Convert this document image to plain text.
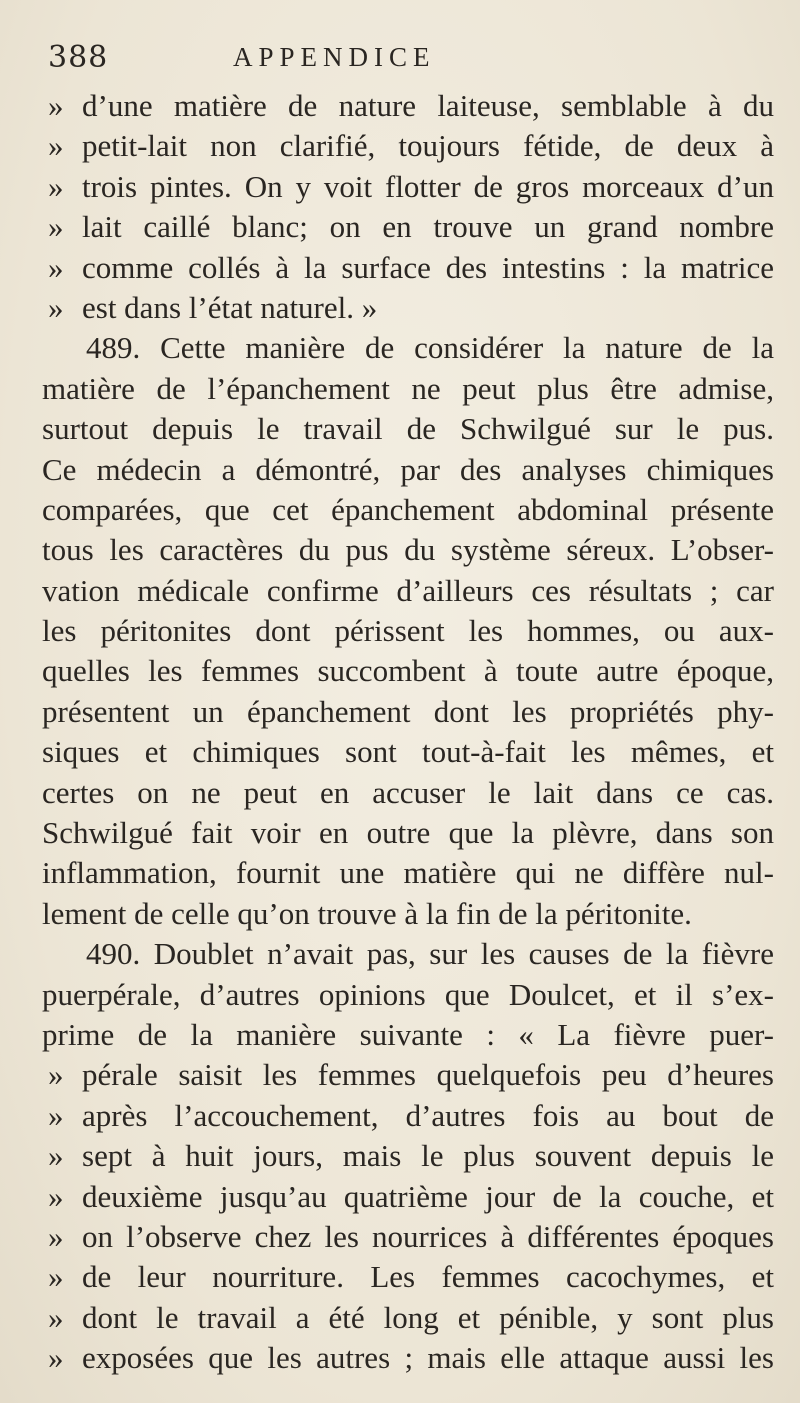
388	APPENDICE
» d’une matière de nature laiteuse, semblable à du
» petit-lait non clarifié, toujours fétide, de deux à
» trois pintes. On y voit flotter de gros morceaux d’un
» lait caillé blanc; on en trouve un grand nombre
» comme collés à la surface des intestins : la matrice
» est dans l’état naturel. »
489. Cette manière de considérer la nature de la
matière de l’épanchement ne peut plus être admise,
surtout depuis le travail de Schwilgué sur le pus.
Ce médecin a démontré, par des analyses chimiques
comparées, que cet épanchement abdominal présente
tous les caractères du pus du système séreux. L’obser-
vation médicale confirme d’ailleurs ces résultats ; car
les péritonites dont périssent les hommes, ou aux-
quelles les femmes succombent à toute autre époque,
présentent un épanchement dont les propriétés phy-
siques et chimiques sont tout-à-fait les mêmes, et
certes on ne peut en accuser le lait dans ce cas.
Schwilgué fait voir en outre que la plèvre, dans son
inflammation, fournit une matière qui ne diffère nul-
lement de celle qu’on trouve à la fin de la péritonite.
490. Doublet n’avait pas, sur les causes de la fièvre
puerpérale, d’autres opinions que Doulcet, et il s’ex-
prime de la manière suivante : « La fièvre puer-
» pérale saisit les femmes quelquefois peu d’heures
» après l’accouchement, d’autres fois au bout de
» sept à huit jours, mais le plus souvent depuis le
» deuxième jusqu’au quatrième jour de la couche, et
» on l’observe chez les nourrices à différentes époques
» de leur nourriture. Les femmes cacochymes, et
» dont le travail a été long et pénible, y sont plus
» exposées que les autres ; mais elle attaque aussi les
